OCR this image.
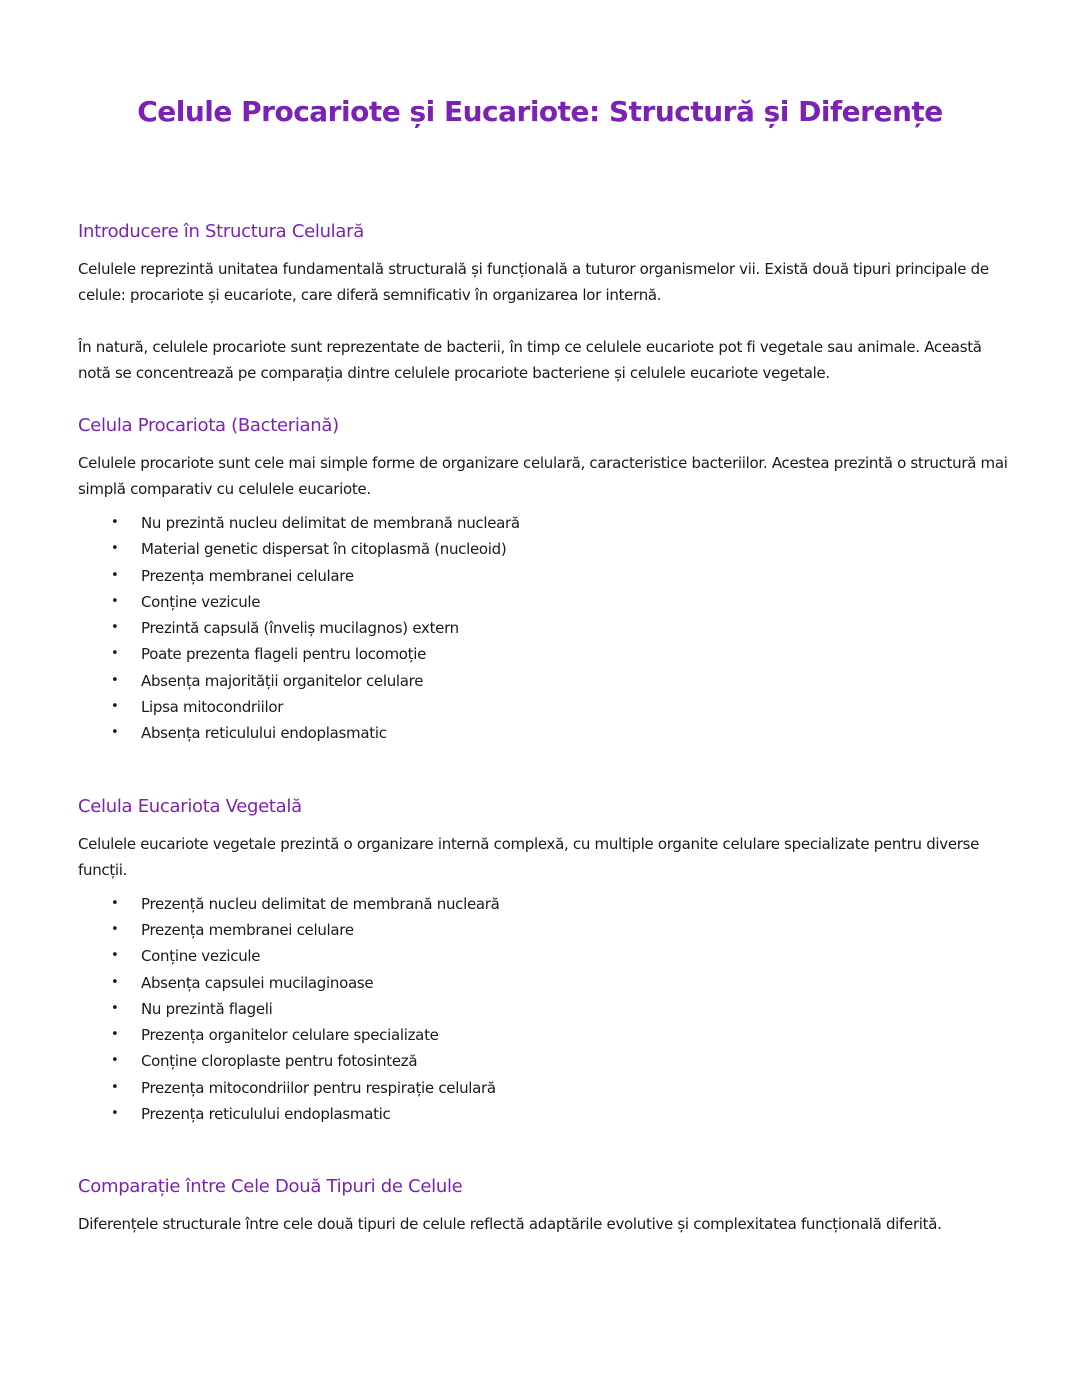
Celule Procariote și Eucariote: Structură și Diferențe
Introducere în Structura Celulară

Celulele reprezintă unitatea fundamentală structurală și funcțională a tuturor organismelor vii. Există două tipuri principale de celule: procariote și eucariote, care diferă semnificativ în organizarea lor internă.

În natură, celulele procariote sunt reprezentate de bacterii, în timp ce celulele eucariote pot fi vegetale sau animale. Această notă se concentrează pe comparația dintre celulele procariote bacteriene și celulele eucariote vegetale.

Celula Procariota (Bacteriană)

Celulele procariote sunt cele mai simple forme de organizare celulară, caracteristice bacteriilor. Acestea prezintă o structură mai simplă comparativ cu celulele eucariote.

• Nu prezintă nucleu delimitat de membrană nucleară
• Material genetic dispersat în citoplasmă (nucleoid)
• Prezența membranei celulare
• Conține vezicule
• Prezintă capsulă (înveliș mucilagnos) extern
• Poate prezenta flageli pentru locomoție
• Absența majorității organitelor celulare
• Lipsa mitocondriilor
• Absența reticulului endoplasmatic
Celula Eucariota Vegetală

Celulele eucariote vegetale prezintă o organizare internă complexă, cu multiple organite celulare specializate pentru diverse funcții.

• Prezență nucleu delimitat de membrană nucleară
• Prezența membranei celulare
• Conține vezicule
• Absența capsulei mucilaginoase
• Nu prezintă flageli
• Prezența organitelor celulare specializate
• Conține cloroplaste pentru fotosinteză
• Prezența mitocondriilor pentru respirație celulară
• Prezența reticulului endoplasmatic
Comparație între Cele Două Tipuri de Celule

Diferențele structurale între cele două tipuri de celule reflectă adaptările evolutive și complexitatea funcțională diferită.
